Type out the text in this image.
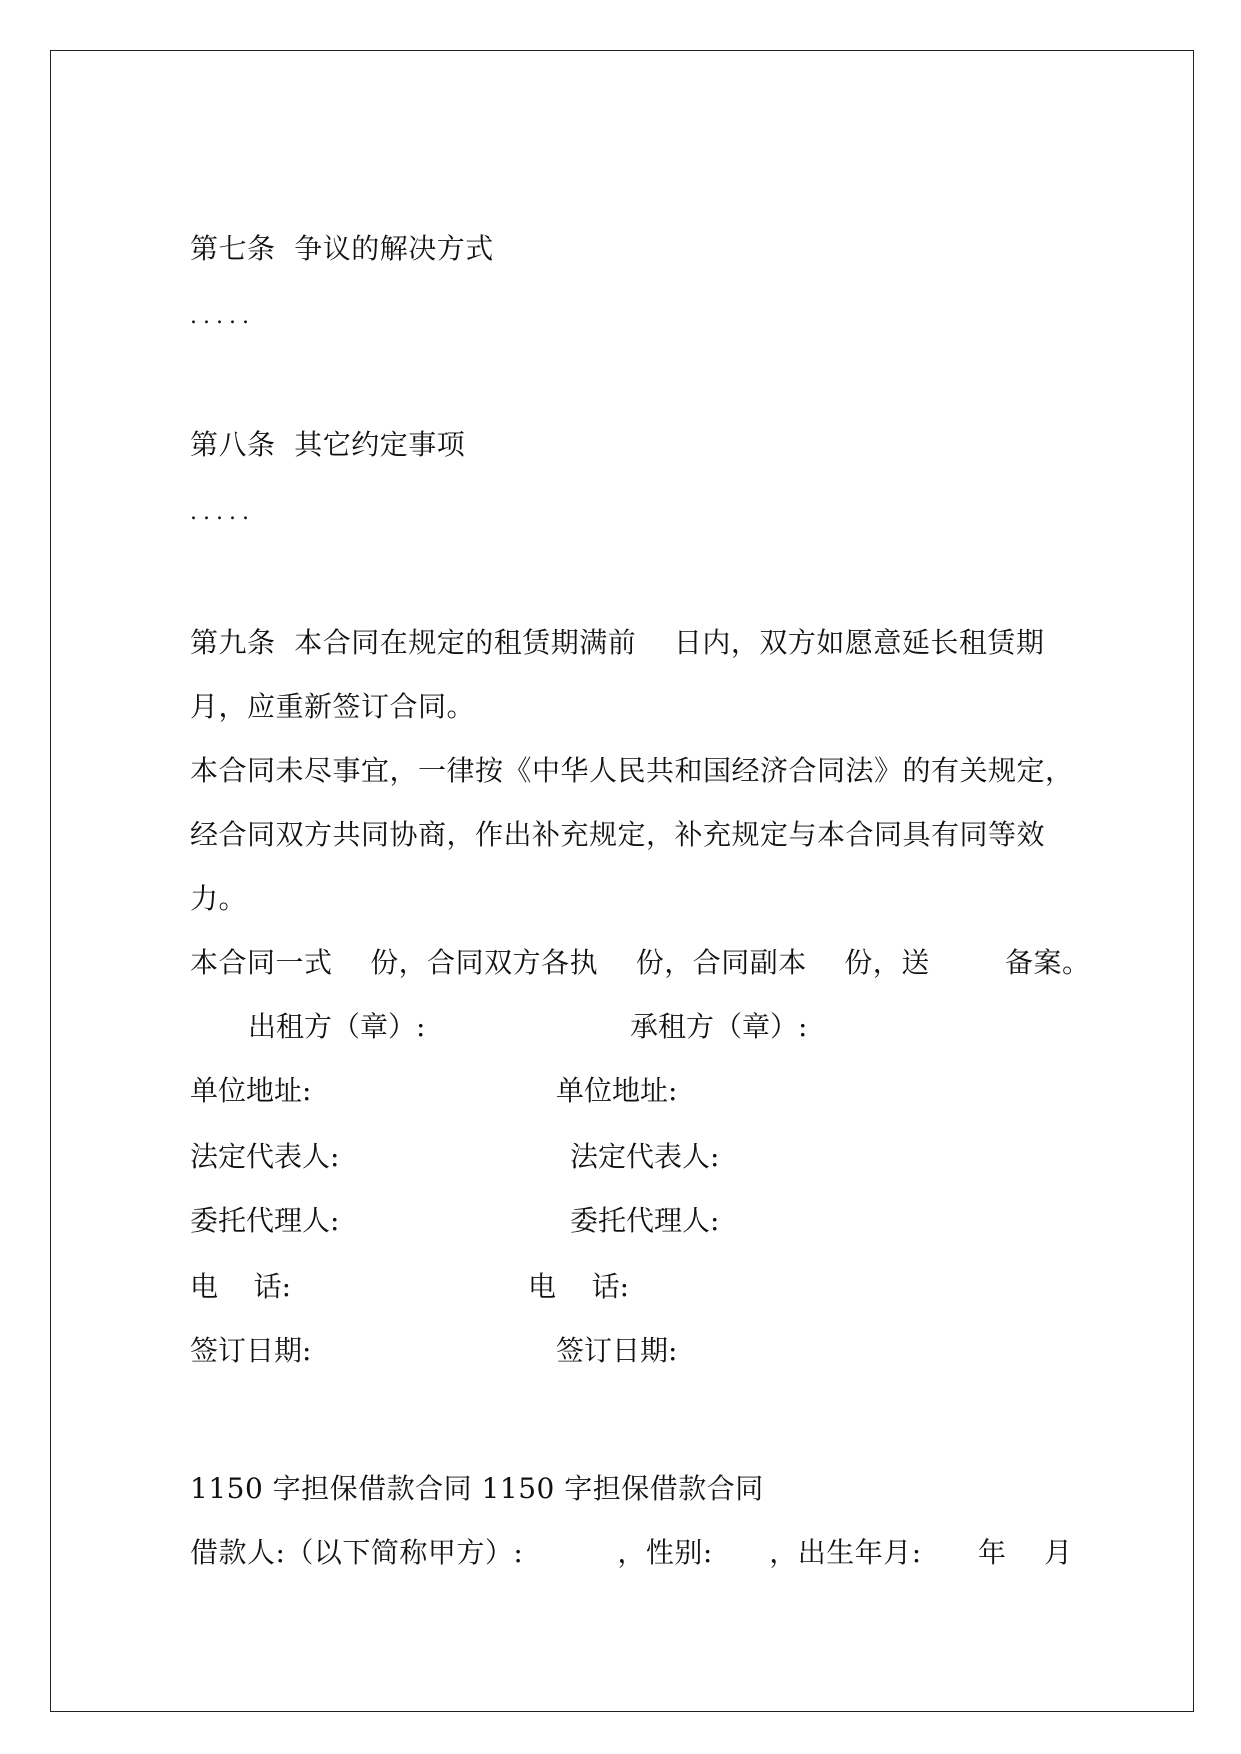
第七条  争议的解决方式
.....
第八条  其它约定事项
.....
第九条  本合同在规定的租赁期满前    日内，双方如愿意延长租赁期
月，应重新签订合同。
本合同未尽事宜，一律按《中华人民共和国经济合同法》的有关规定，
经合同双方共同协商，作出补充规定，补充规定与本合同具有同等效
力。
本合同一式    份，合同双方各执    份，合同副本    份，送        备案。
出租方（章）:	承租方（章）:
单位地址:	单位地址:
法定代表人:	法定代表人:
委托代理人:	委托代理人:
电    话:	电    话:
签订日期:	签订日期:
1150 字担保借款合同 1150 字担保借款合同
借款人:（以下简称甲方）:          ，性别:      ，出生年月:      年    月
